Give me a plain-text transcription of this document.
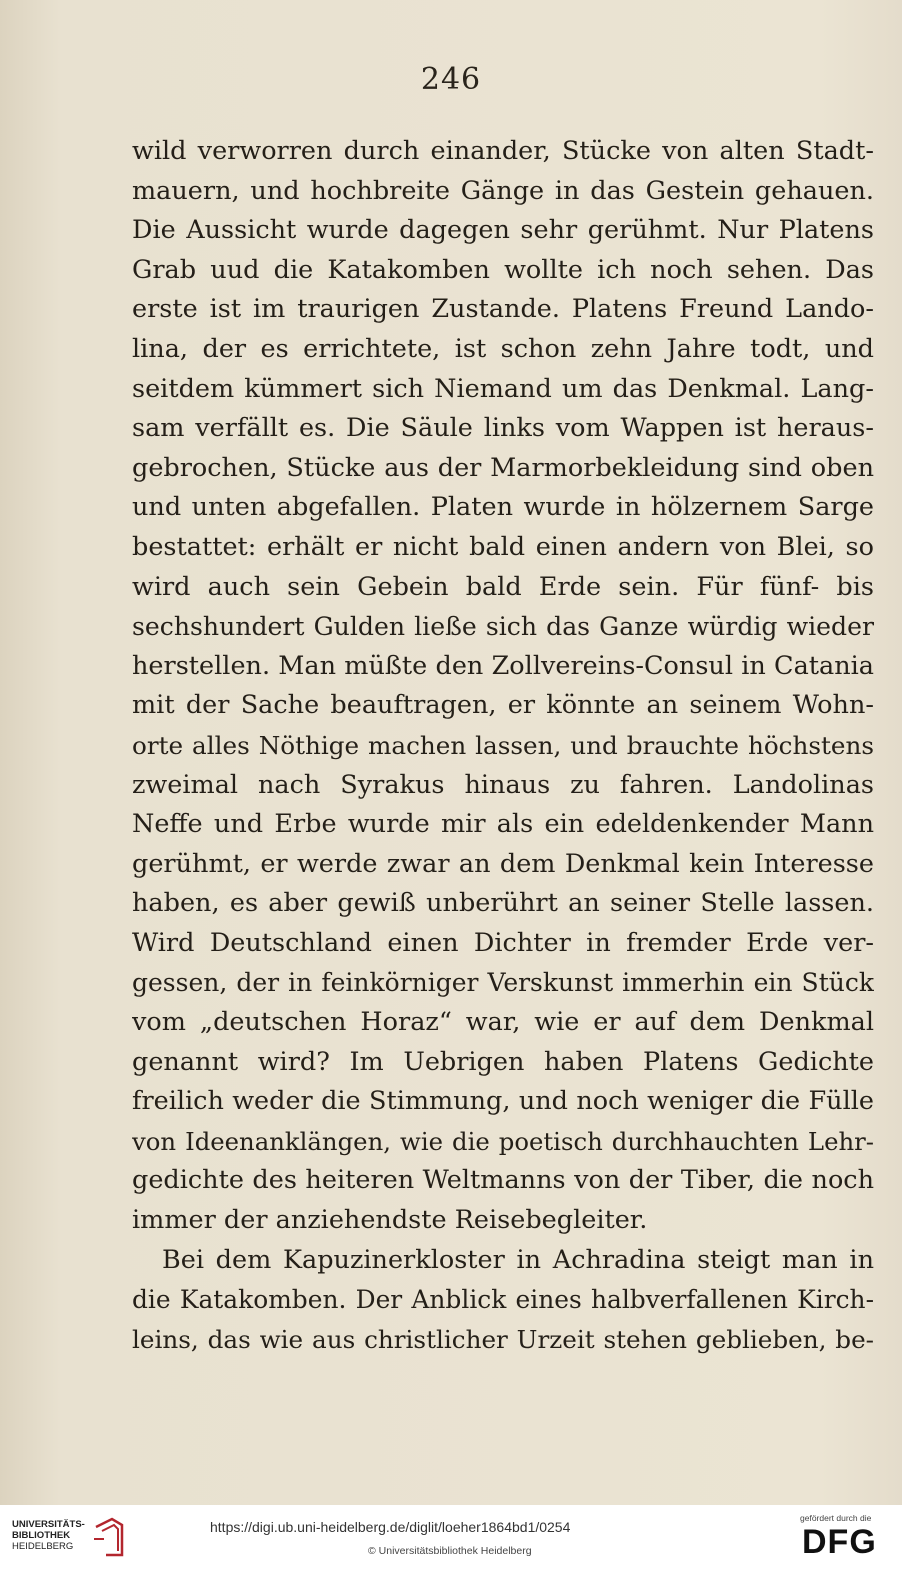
246
wild verworren durch einander, Stücke von alten Stadt-
mauern, und hochbreite Gänge in das Gestein gehauen.
Die Aussicht wurde dagegen sehr gerühmt. Nur Platens
Grab uud die Katakomben wollte ich noch sehen. Das
erste ist im traurigen Zustande. Platens Freund Lando-
lina, der es errichtete, ist schon zehn Jahre todt, und
seitdem kümmert sich Niemand um das Denkmal. Lang-
sam verfällt es. Die Säule links vom Wappen ist heraus-
gebrochen, Stücke aus der Marmorbekleidung sind oben
und unten abgefallen. Platen wurde in hölzernem Sarge
bestattet: erhält er nicht bald einen andern von Blei, so
wird auch sein Gebein bald Erde sein. Für fünf- bis
sechshundert Gulden ließe sich das Ganze würdig wieder
herstellen. Man müßte den Zollvereins-Consul in Catania
mit der Sache beauftragen, er könnte an seinem Wohn-
orte alles Nöthige machen lassen, und brauchte höchstens
zweimal nach Syrakus hinaus zu fahren. Landolinas
Neffe und Erbe wurde mir als ein edeldenkender Mann
gerühmt, er werde zwar an dem Denkmal kein Interesse
haben, es aber gewiß unberührt an seiner Stelle lassen.
Wird Deutschland einen Dichter in fremder Erde ver-
gessen, der in feinkörniger Verskunst immerhin ein Stück
vom „deutschen Horaz“ war, wie er auf dem Denkmal
genannt wird? Im Uebrigen haben Platens Gedichte
freilich weder die Stimmung, und noch weniger die Fülle
von Ideenanklängen, wie die poetisch durchhauchten Lehr-
gedichte des heiteren Weltmanns von der Tiber, die noch
immer der anziehendste Reisebegleiter.
Bei dem Kapuzinerkloster in Achradina steigt man in
die Katakomben. Der Anblick eines halbverfallenen Kirch-
leins, das wie aus christlicher Urzeit stehen geblieben, be-
UNIVERSITÄTS-
BIBLIOTHEK
HEIDELBERG
https://digi.ub.uni-heidelberg.de/diglit/loeher1864bd1/0254
© Universitätsbibliothek Heidelberg
gefördert durch die
DFG
